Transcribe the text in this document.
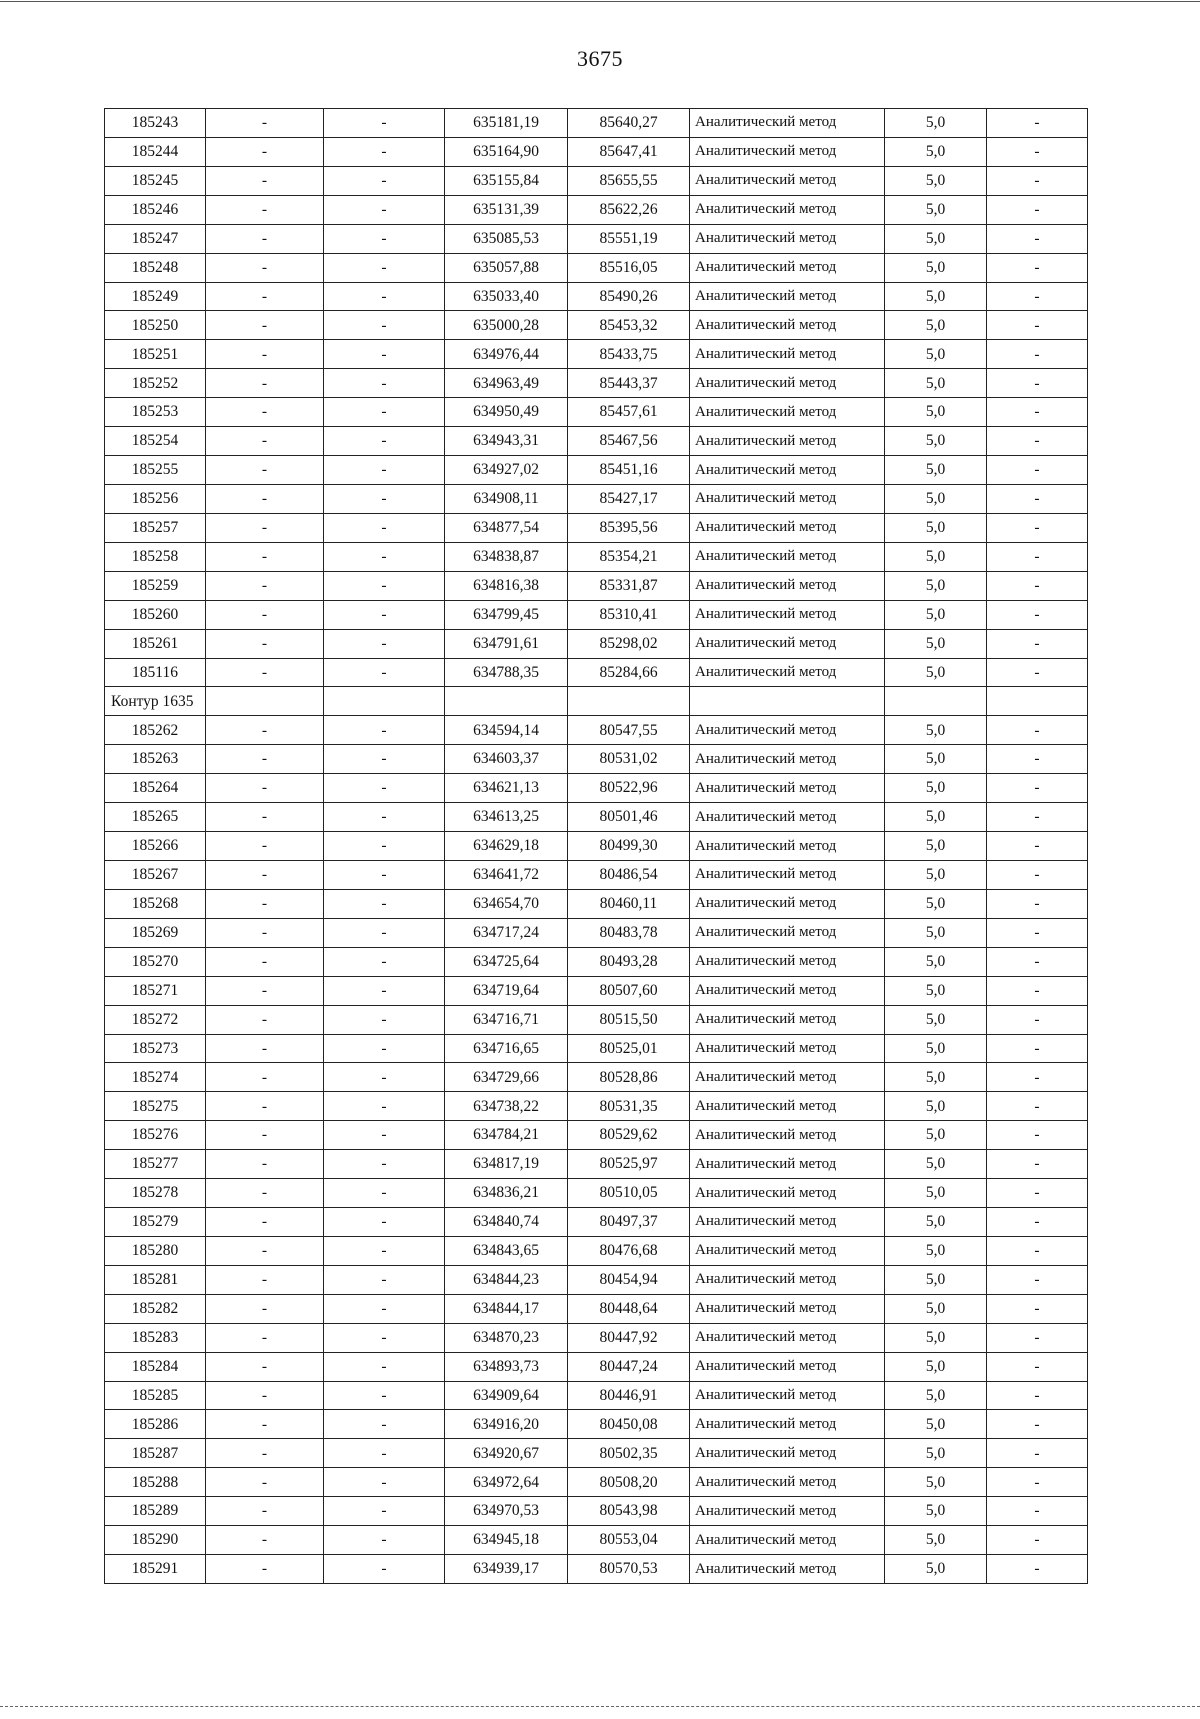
3675
185243	-	-	635181,19	85640,27	Аналитический метод	5,0	-
185244	-	-	635164,90	85647,41	Аналитический метод	5,0	-
185245	-	-	635155,84	85655,55	Аналитический метод	5,0	-
185246	-	-	635131,39	85622,26	Аналитический метод	5,0	-
185247	-	-	635085,53	85551,19	Аналитический метод	5,0	-
185248	-	-	635057,88	85516,05	Аналитический метод	5,0	-
185249	-	-	635033,40	85490,26	Аналитический метод	5,0	-
185250	-	-	635000,28	85453,32	Аналитический метод	5,0	-
185251	-	-	634976,44	85433,75	Аналитический метод	5,0	-
185252	-	-	634963,49	85443,37	Аналитический метод	5,0	-
185253	-	-	634950,49	85457,61	Аналитический метод	5,0	-
185254	-	-	634943,31	85467,56	Аналитический метод	5,0	-
185255	-	-	634927,02	85451,16	Аналитический метод	5,0	-
185256	-	-	634908,11	85427,17	Аналитический метод	5,0	-
185257	-	-	634877,54	85395,56	Аналитический метод	5,0	-
185258	-	-	634838,87	85354,21	Аналитический метод	5,0	-
185259	-	-	634816,38	85331,87	Аналитический метод	5,0	-
185260	-	-	634799,45	85310,41	Аналитический метод	5,0	-
185261	-	-	634791,61	85298,02	Аналитический метод	5,0	-
185116	-	-	634788,35	85284,66	Аналитический метод	5,0	-
Контур 1635							
185262	-	-	634594,14	80547,55	Аналитический метод	5,0	-
185263	-	-	634603,37	80531,02	Аналитический метод	5,0	-
185264	-	-	634621,13	80522,96	Аналитический метод	5,0	-
185265	-	-	634613,25	80501,46	Аналитический метод	5,0	-
185266	-	-	634629,18	80499,30	Аналитический метод	5,0	-
185267	-	-	634641,72	80486,54	Аналитический метод	5,0	-
185268	-	-	634654,70	80460,11	Аналитический метод	5,0	-
185269	-	-	634717,24	80483,78	Аналитический метод	5,0	-
185270	-	-	634725,64	80493,28	Аналитический метод	5,0	-
185271	-	-	634719,64	80507,60	Аналитический метод	5,0	-
185272	-	-	634716,71	80515,50	Аналитический метод	5,0	-
185273	-	-	634716,65	80525,01	Аналитический метод	5,0	-
185274	-	-	634729,66	80528,86	Аналитический метод	5,0	-
185275	-	-	634738,22	80531,35	Аналитический метод	5,0	-
185276	-	-	634784,21	80529,62	Аналитический метод	5,0	-
185277	-	-	634817,19	80525,97	Аналитический метод	5,0	-
185278	-	-	634836,21	80510,05	Аналитический метод	5,0	-
185279	-	-	634840,74	80497,37	Аналитический метод	5,0	-
185280	-	-	634843,65	80476,68	Аналитический метод	5,0	-
185281	-	-	634844,23	80454,94	Аналитический метод	5,0	-
185282	-	-	634844,17	80448,64	Аналитический метод	5,0	-
185283	-	-	634870,23	80447,92	Аналитический метод	5,0	-
185284	-	-	634893,73	80447,24	Аналитический метод	5,0	-
185285	-	-	634909,64	80446,91	Аналитический метод	5,0	-
185286	-	-	634916,20	80450,08	Аналитический метод	5,0	-
185287	-	-	634920,67	80502,35	Аналитический метод	5,0	-
185288	-	-	634972,64	80508,20	Аналитический метод	5,0	-
185289	-	-	634970,53	80543,98	Аналитический метод	5,0	-
185290	-	-	634945,18	80553,04	Аналитический метод	5,0	-
185291	-	-	634939,17	80570,53	Аналитический метод	5,0	-
